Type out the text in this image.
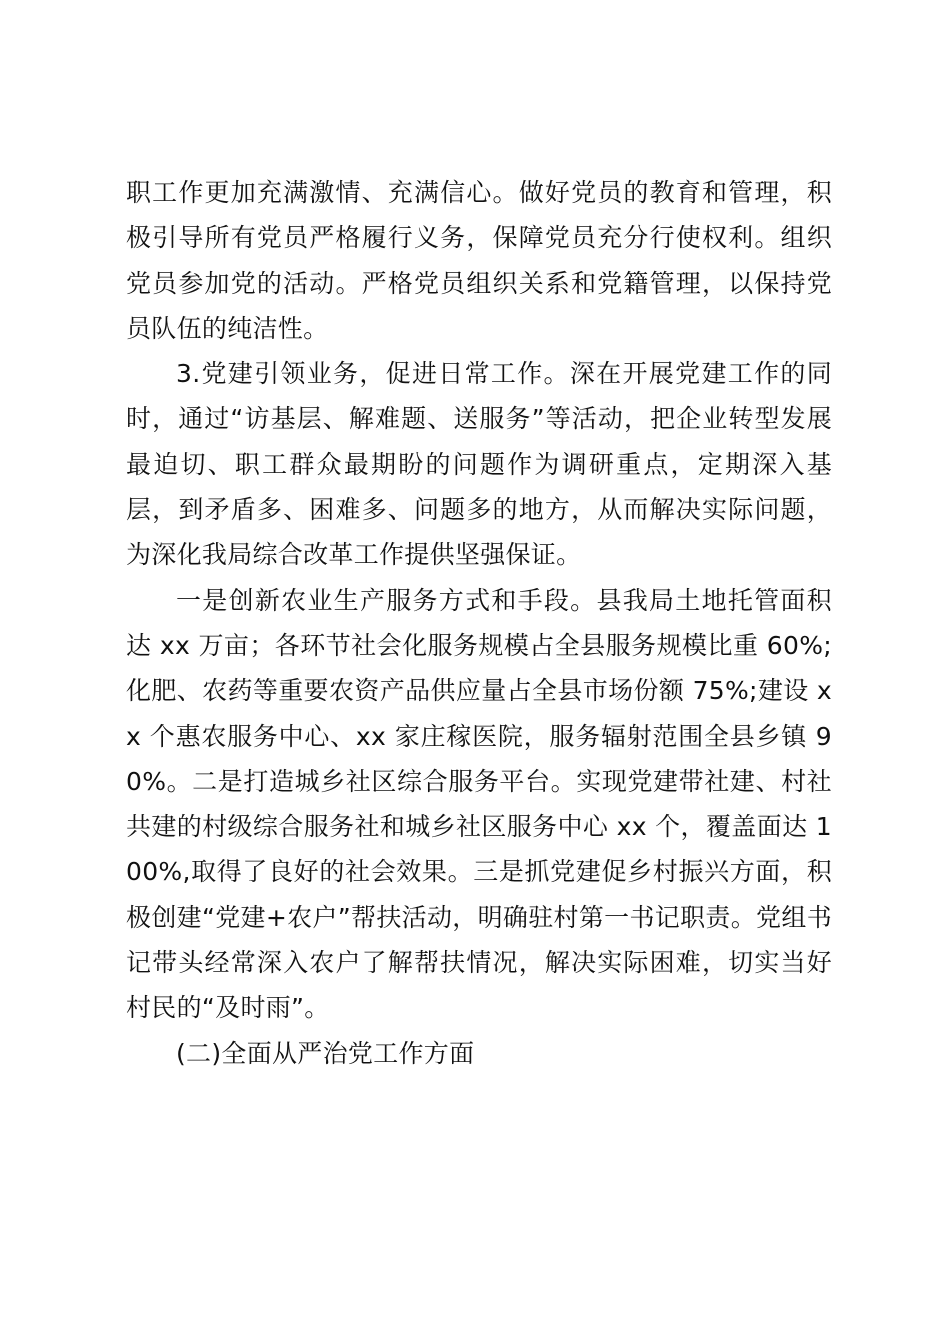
职工作更加充满激情、充满信心。做好党员的教育和管理，积极引导所有党员严格履行义务，保障党员充分行使权利。组织党员参加党的活动。严格党员组织关系和党籍管理，以保持党员队伍的纯洁性。

3.党建引领业务，促进日常工作。深在开展党建工作的同时，通过“访基层、解难题、送服务”等活动，把企业转型发展最迫切、职工群众最期盼的问题作为调研重点，定期深入基层，到矛盾多、困难多、问题多的地方，从而解决实际问题，为深化我局综合改革工作提供坚强保证。

一是创新农业生产服务方式和手段。县我局土地托管面积达 xx 万亩；各环节社会化服务规模占全县服务规模比重 60%;化肥、农药等重要农资产品供应量占全县市场份额 75%;建设 xx 个惠农服务中心、xx 家庄稼医院，服务辐射范围全县乡镇 90%。二是打造城乡社区综合服务平台。实现党建带社建、村社共建的村级综合服务社和城乡社区服务中心 xx 个，覆盖面达 100%,取得了良好的社会效果。三是抓党建促乡村振兴方面，积极创建“党建+农户”帮扶活动，明确驻村第一书记职责。党组书记带头经常深入农户了解帮扶情况，解决实际困难，切实当好村民的“及时雨”。

(二)全面从严治党工作方面
